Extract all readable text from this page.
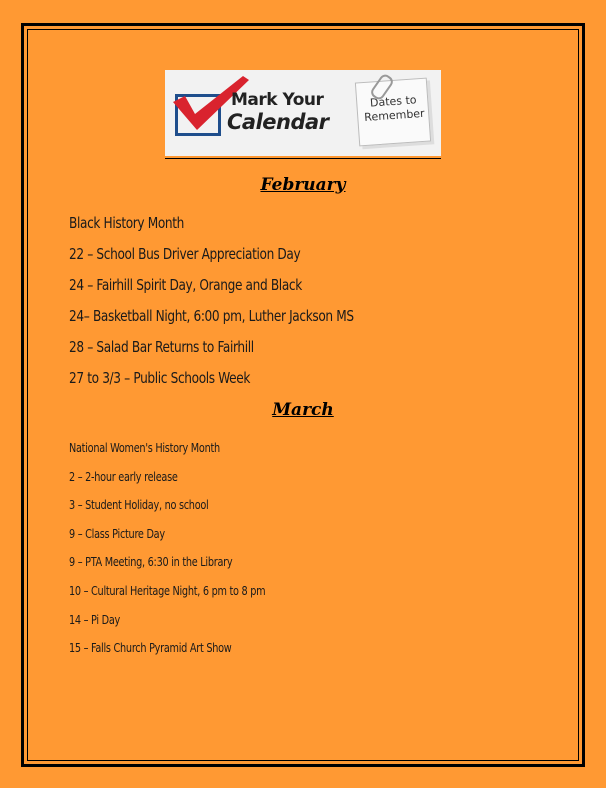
Mark Your
Calendar
Dates to Remember
February
Black History Month
22 – School Bus Driver Appreciation Day
24 – Fairhill Spirit Day, Orange and Black
24– Basketball Night, 6:00 pm, Luther Jackson MS
28 – Salad Bar Returns to Fairhill
27 to 3/3 – Public Schools Week
March
National Women's History Month
2 – 2-hour early release
3 – Student Holiday, no school
9 – Class Picture Day
9 – PTA Meeting, 6:30 in the Library
10 – Cultural Heritage Night, 6 pm to 8 pm
14 – Pi Day
15 – Falls Church Pyramid Art Show
